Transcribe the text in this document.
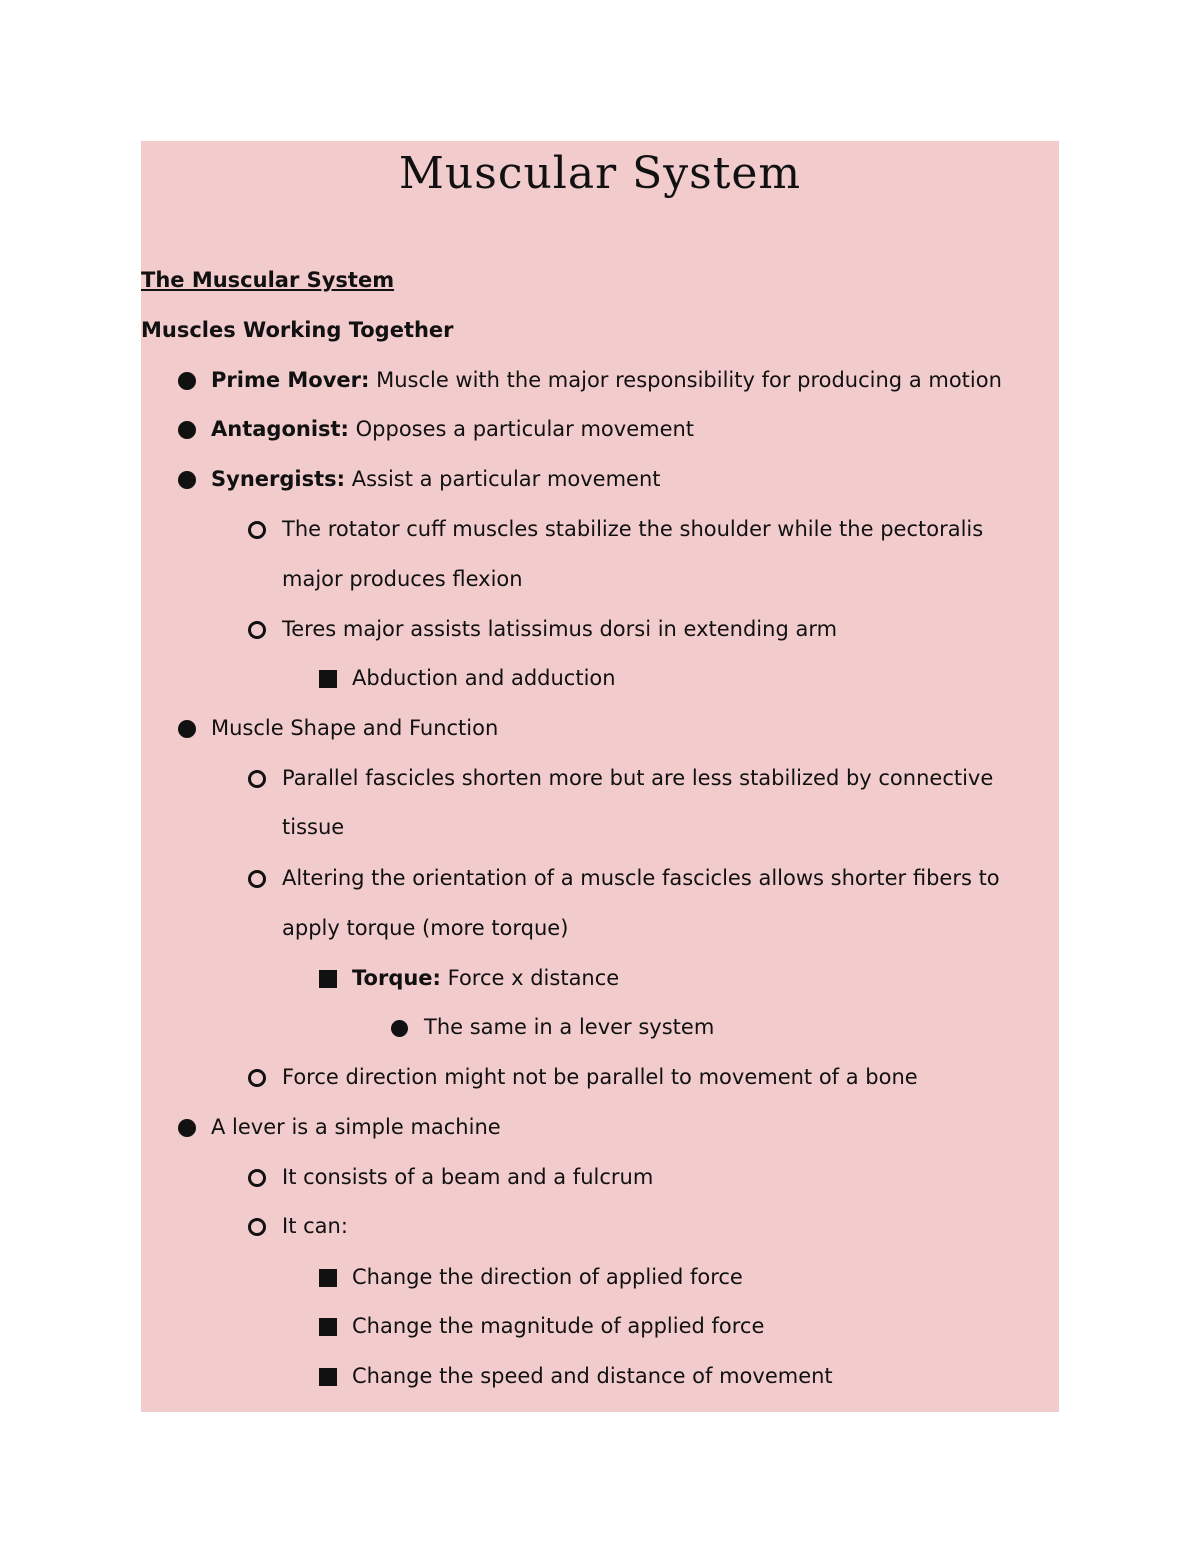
Muscular System
The Muscular System
Muscles Working Together
Prime Mover: Muscle with the major responsibility for producing a motion
Antagonist: Opposes a particular movement
Synergists: Assist a particular movement
The rotator cuff muscles stabilize the shoulder while the pectoralis
major produces flexion
Teres major assists latissimus dorsi in extending arm
Abduction and adduction
Muscle Shape and Function
Parallel fascicles shorten more but are less stabilized by connective
tissue
Altering the orientation of a muscle fascicles allows shorter fibers to
apply torque (more torque)
Torque: Force x distance
The same in a lever system
Force direction might not be parallel to movement of a bone
A lever is a simple machine
It consists of a beam and a fulcrum
It can:
Change the direction of applied force
Change the magnitude of applied force
Change the speed and distance of movement
